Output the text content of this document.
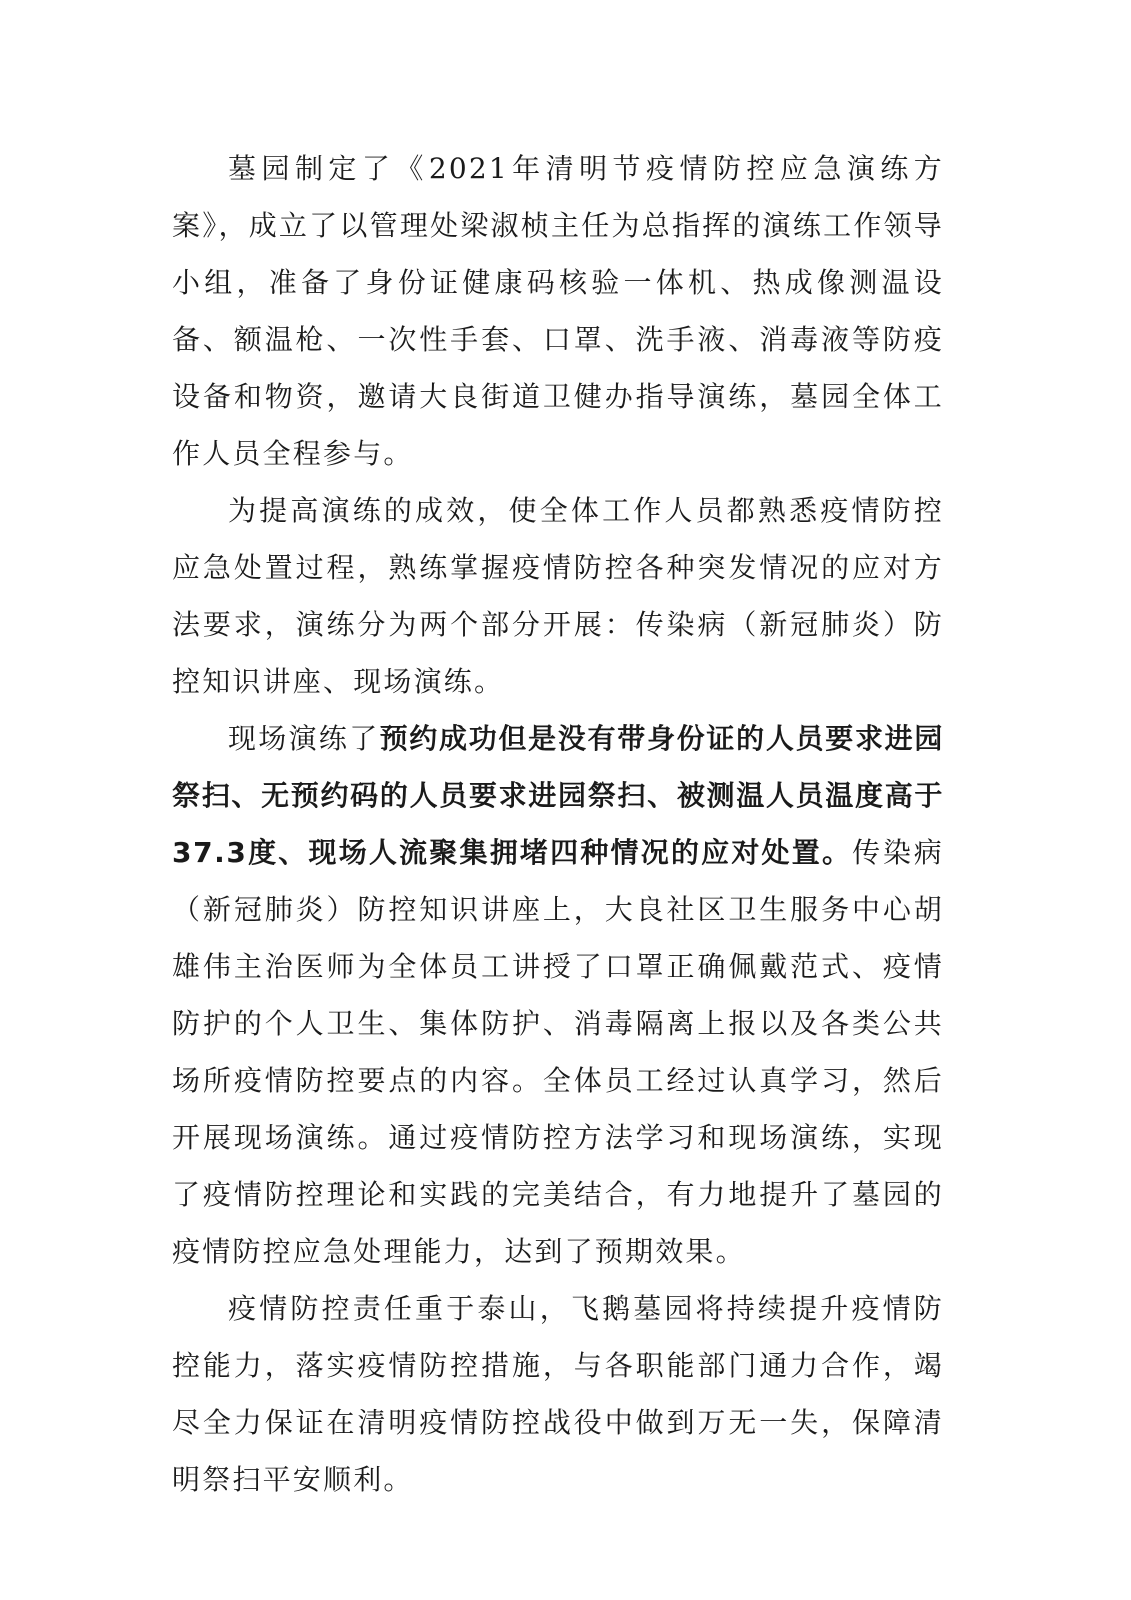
墓园制定了《2021年清明节疫情防控应急演练方案》，成立了以管理处梁淑桢主任为总指挥的演练工作领导小组，准备了身份证健康码核验一体机、热成像测温设备、额温枪、一次性手套、口罩、洗手液、消毒液等防疫设备和物资，邀请大良街道卫健办指导演练，墓园全体工作人员全程参与。

为提高演练的成效，使全体工作人员都熟悉疫情防控应急处置过程，熟练掌握疫情防控各种突发情况的应对方法要求，演练分为两个部分开展：传染病（新冠肺炎）防控知识讲座、现场演练。

现场演练了预约成功但是没有带身份证的人员要求进园祭扫、无预约码的人员要求进园祭扫、被测温人员温度高于37.3度、现场人流聚集拥堵四种情况的应对处置。传染病（新冠肺炎）防控知识讲座上，大良社区卫生服务中心胡雄伟主治医师为全体员工讲授了口罩正确佩戴范式、疫情防护的个人卫生、集体防护、消毒隔离上报以及各类公共场所疫情防控要点的内容。全体员工经过认真学习，然后开展现场演练。通过疫情防控方法学习和现场演练，实现了疫情防控理论和实践的完美结合，有力地提升了墓园的疫情防控应急处理能力，达到了预期效果。

疫情防控责任重于泰山，飞鹅墓园将持续提升疫情防控能力，落实疫情防控措施，与各职能部门通力合作，竭尽全力保证在清明疫情防控战役中做到万无一失，保障清明祭扫平安顺利。
